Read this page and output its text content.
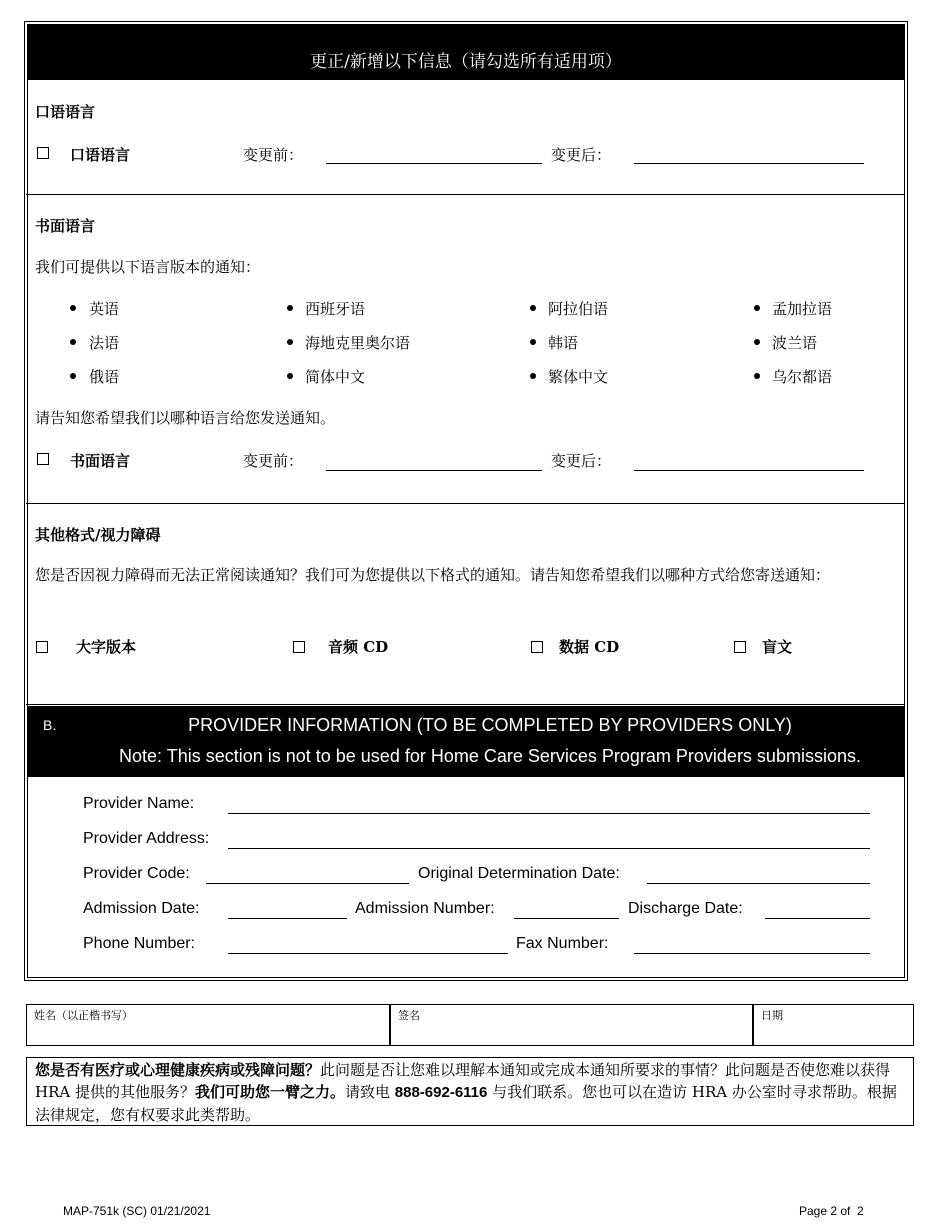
更正/新增以下信息（请勾选所有适用项）
口语语言
口语语言	变更前：	变更后：
书面语言
我们可提供以下语言版本的通知：
英语	西班牙语	阿拉伯语	孟加拉语
法语	海地克里奥尔语	韩语	波兰语
俄语	简体中文	繁体中文	乌尔都语
请告知您希望我们以哪种语言给您发送通知。
书面语言	变更前：	变更后：
其他格式/视力障碍
您是否因视力障碍而无法正常阅读通知？我们可为您提供以下格式的通知。请告知您希望我们以哪种方式给您寄送通知：
大字版本	音频 CD	数据 CD	盲文
B.	PROVIDER INFORMATION (TO BE COMPLETED BY PROVIDERS ONLY)
Note: This section is not to be used for Home Care Services Program Providers submissions.
Provider Name:
Provider Address:
Provider Code:	Original Determination Date:
Admission Date:	Admission Number:	Discharge Date:
Phone Number:	Fax Number:
姓名（以正楷书写）	签名	日期
您是否有医疗或心理健康疾病或残障问题？此问题是否让您难以理解本通知或完成本通知所要求的事情？此问题是否使您难以获得 HRA 提供的其他服务？我们可助您一臂之力。请致电 888-692-6116 与我们联系。您也可以在造访 HRA 办公室时寻求帮助。根据法律规定，您有权要求此类帮助。
MAP-751k (SC) 01/21/2021	Page 2 of  2
